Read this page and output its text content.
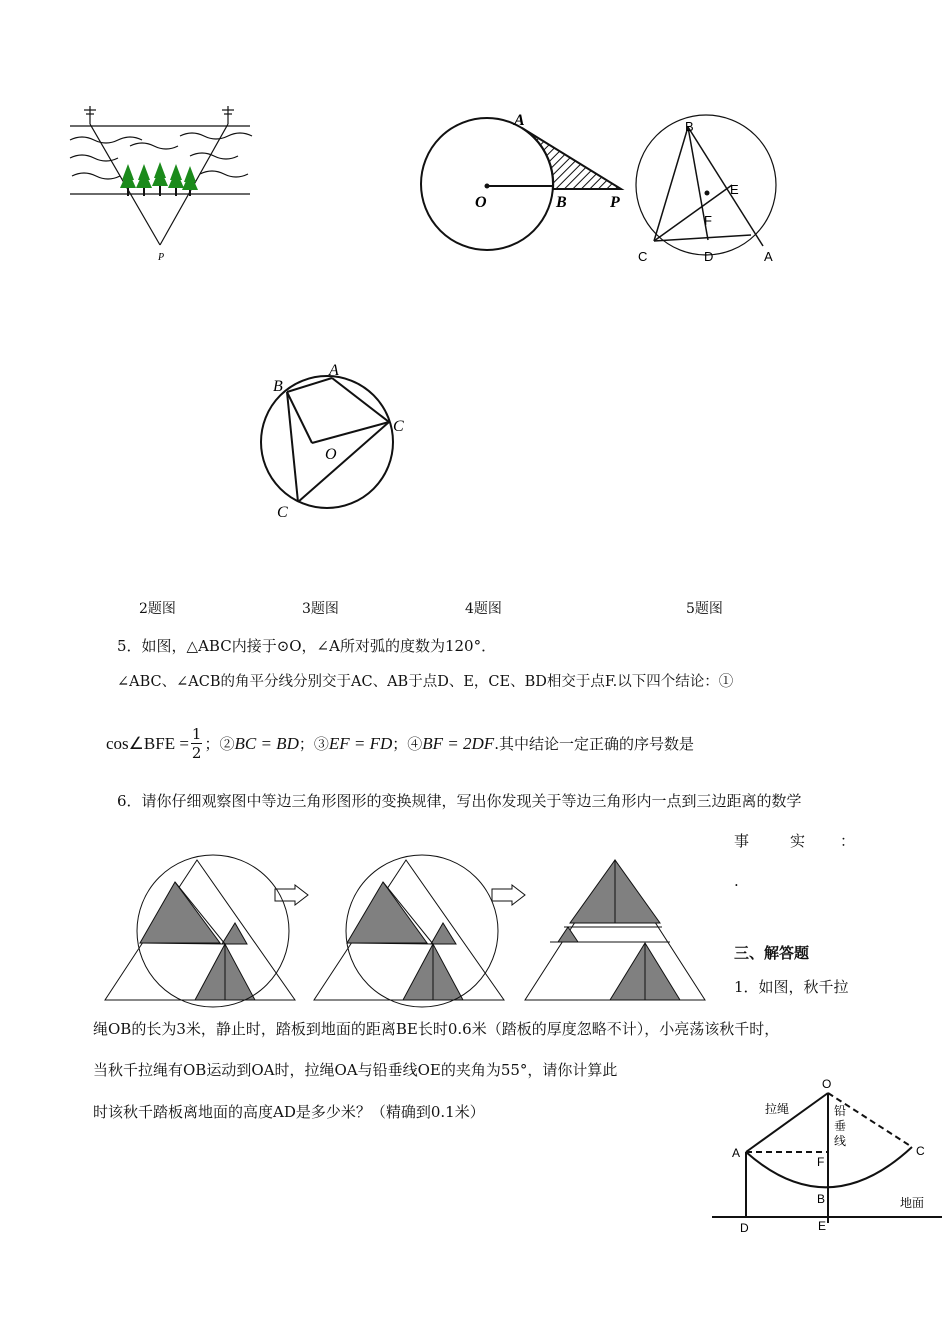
P
A
O	B	P
B
E
F
C	D	A
A
B
C
O
C
2题图	3题图	4题图	5题图
5．如图，△ABC内接于⊙O，∠A所对弧的度数为120°．
∠ABC、∠ACB的角平分线分别交于AC、AB于点D、E，CE、BD相交于点F.以下四个结论：①
cos∠BFE = $\frac{1}{2}$ ；② BC = BD ；③ EF = FD ；④ BF = 2DF .其中结论一定正确的序号数是
6．请你仔细观察图中等边三角形图形的变换规律，写出你发现关于等边三角形内一点到三边距离的数学
事	实 ：
.
三、解答题
1．如图，秋千拉
绳OB的长为3米，静止时，踏板到地面的距离BE长时0.6米（踏板的厚度忽略不计），小亮荡该秋千时，
当秋千拉绳有OB运动到OA时，拉绳OA与铅垂线OE的夹角为55°，请你计算此
时该秋千踏板离地面的高度AD是多少米？（精确到0.1米）
O
拉绳	铅
垂
线
C
A
F
B	地面
D	E
